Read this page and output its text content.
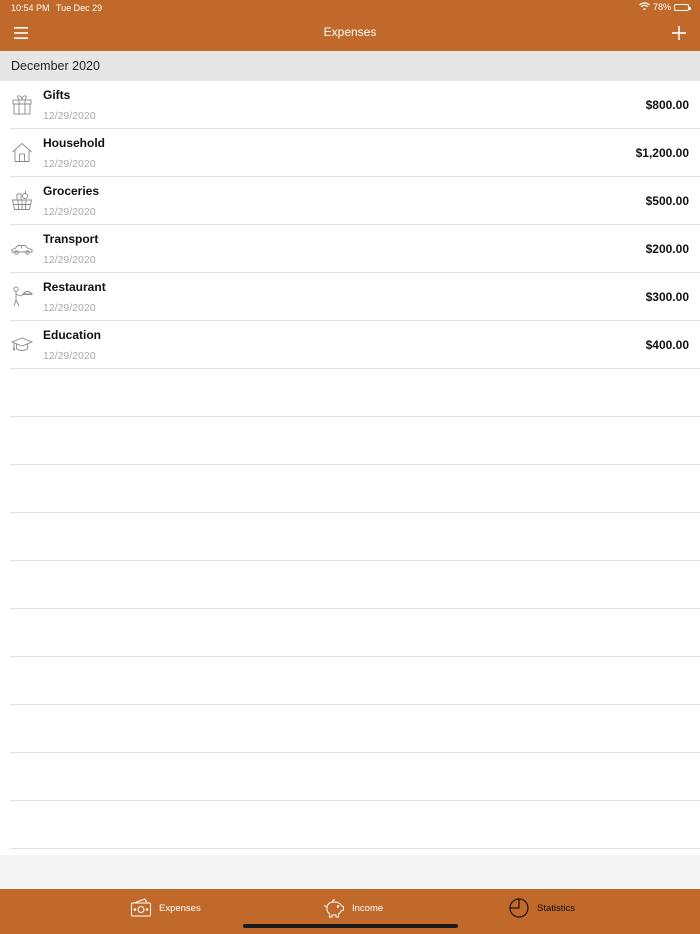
10:54 PM Tue Dec 29	78%
Expenses
December 2020
Gifts
12/29/2020
$800.00
Household
12/29/2020
$1,200.00
Groceries
12/29/2020
$500.00
Transport
12/29/2020
$200.00
Restaurant
12/29/2020
$300.00
Education
12/29/2020
$400.00
Expenses	Income	Statistics
